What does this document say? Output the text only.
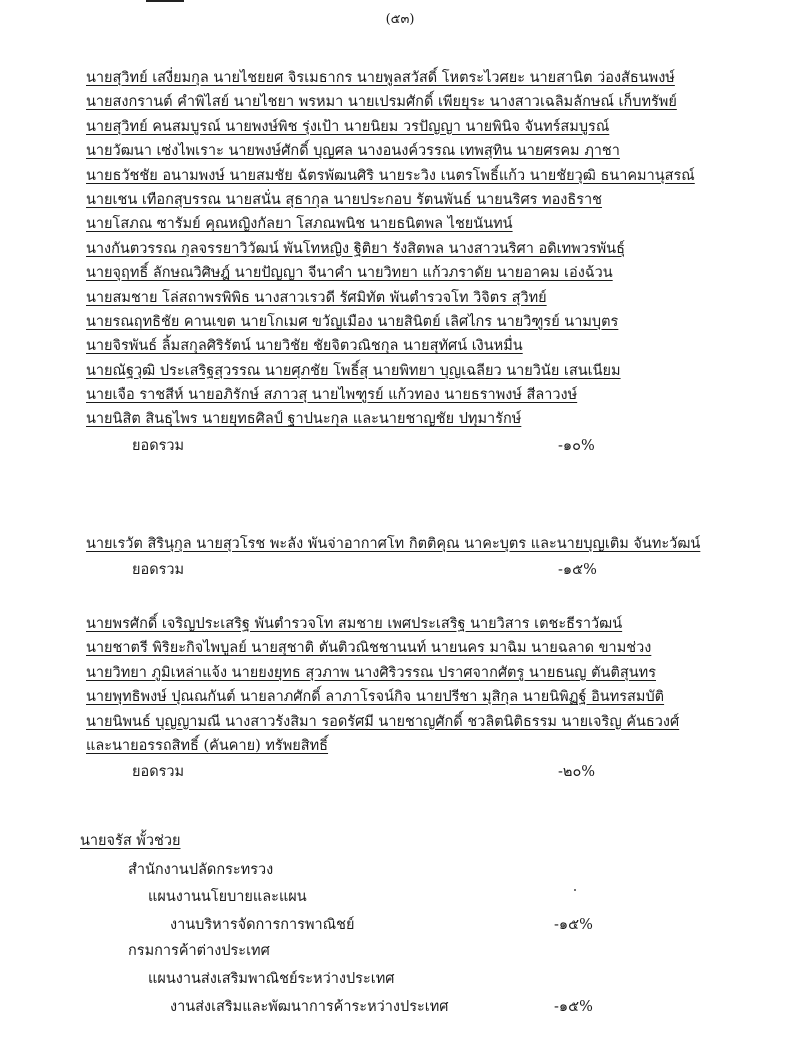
(๕๓)
นายสุวิทย์ เสงี่ยมกุล นายไชยยศ จิรเมธากร นายพูลสวัสดิ์ โหตระไวศยะ นายสานิต ว่องสัธนพงษ์
นายสงกรานต์ คำพิไสย์ นายไชยา พรหมา นายเปรมศักดิ์ เพียยุระ นางสาวเฉลิมลักษณ์ เก็บทรัพย์
นายสุวิทย์ คนสมบูรณ์ นายพงษ์พิช รุ่งเป้า นายนิยม วรปัญญา นายพินิจ จันทร์สมบูรณ์
นายวัฒนา เซ่งไพเราะ นายพงษ์ศักดิ์ บุญศล นางอนงค์วรรณ เทพสุทิน นายศรคม ฦาชา
นายธวัชชัย อนามพงษ์ นายสมชัย ฉัตรพัฒนศิริ นายระวิง เนตรโพธิ์แก้ว นายชัยวุฒิ ธนาคมานุสรณ์
นายเชน เทือกสุบรรณ นายสนั่น สุธากุล นายประกอบ รัตนพันธ์ นายนริศร ทองธิราช
นายโสภณ ซารัมย์ คุณหญิงกัลยา โสภณพนิช นายธนิตพล ไชยนันทน์
นางกันตวรรณ กุลจรรยาวิวัฒน์ พันโทหญิง ฐิติยา รังสิตพล นางสาวนริศา อดิเทพวรพันธุ์
นายจุฤทธิ์ ลักษณวิศิษฎ์ นายปัญญา จีนาคำ นายวิทยา แก้วภราดัย นายอาคม เอ่งฉ้วน
นายสมชาย โล่สถาพรพิพิธ นางสาวเรวดี รัศมิทัต พันตำรวจโท วิจิตร สุวิทย์
นายรณฤทธิชัย คานเขต นายโกเมศ ขวัญเมือง นายสินิตย์ เลิศไกร นายวิฑูรย์ นามบุตร
นายจิรพันธ์ ลิ้มสกุลศิริรัตน์ นายวิชัย ชัยจิตวณิชกุล นายสุทัศน์ เงินหมื่น
นายณัฐวุฒิ ประเสริฐสุวรรณ นายศุภชัย โพธิ์สุ นายพิทยา บุญเฉลียว นายวินัย เสนเนียม
นายเจือ ราชสีห์ นายอภิรักษ์ สภาวสุ นายไพฑูรย์ แก้วทอง นายธราพงษ์ สีลาวงษ์
นายนิสิต สินธุไพร นายยุทธศิลป์ ฐาปนะกุล และนายชาญชัย ปทุมารักษ์
ยอดรวม	-๑๐%
นายเรวัต สิรินุกุล นายสุวโรช พะลัง พันจ่าอากาศโท กิตติคุณ นาคะบุตร และนายบุญเติม จันทะวัฒน์
ยอดรวม	-๑๕%
นายพรศักดิ์ เจริญประเสริฐ พันตำรวจโท สมชาย เพศประเสริฐ นายวิสาร เตชะธีราวัฒน์
นายชาตรี พิริยะกิจไพบูลย์ นายสุชาติ ตันติวณิชชานนท์ นายนคร มาฉิม นายฉลาด ขามช่วง
นายวิทยา ภูมิเหล่าแจ้ง นายยงยุทธ สุวภาพ นางศิริวรรณ ปราศจากศัตรู นายธนญ ตันติสุนทร
นายพุทธิพงษ์ ปุณณกันต์ นายลาภศักดิ์ ลาภาโรจน์กิจ นายปรีชา มุสิกุล นายนิพิฏฐ์ อินทรสมบัติ
นายนิพนธ์ บุญญามณี นางสาวรังสิมา รอดรัศมี นายชาญศักดิ์ ชวลิตนิติธรรม นายเจริญ คันธวงศ์
และนายอรรถสิทธิ์ (คันคาย) ทรัพยสิทธิ์
ยอดรวม	-๒๐%
นายจรัส พั้วช่วย
สำนักงานปลัดกระทรวง
แผนงานนโยบายและแผน
งานบริหารจัดการการพาณิชย์	-๑๕%
กรมการค้าต่างประเทศ
แผนงานส่งเสริมพาณิชย์ระหว่างประเทศ
งานส่งเสริมและพัฒนาการค้าระหว่างประเทศ	-๑๕%
